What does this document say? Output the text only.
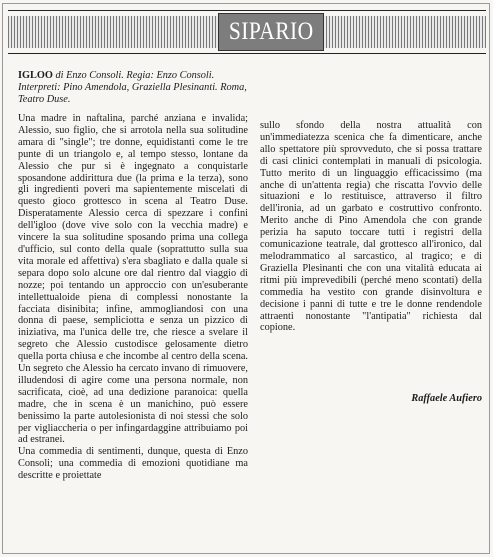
SIPARIO
IGLOO di Enzo Consoli. Regia: Enzo Consoli. Interpreti: Pino Amendola, Graziella Plesinanti. Roma, Teatro Duse.

Una madre in naftalina, parché anziana e invalida; Alessio, suo figlio, che si arrotola nella sua solitudine amara di "single"; tre donne, equidistanti come le tre punte di un triangolo e, al tempo stesso, lontane da Alessio che pur si è ingegnato a conquistarle sposandone addirittura due (la prima e la terza), sono gli ingredienti poveri ma sapientemente miscelati di questo gioco grottesco in scena al Teatro Duse. Disperatamente Alessio cerca di spezzare i confini dell'igloo (dove vive solo con la vecchia madre) e vincere la sua solitudine sposando prima una collega d'ufficio, sul conto della quale (soprattutto sulla sua vita morale ed affettiva) s'era sbagliato e dalla quale si separa dopo solo alcune ore dal rientro dal viaggio di nozze; poi tentando un approccio con un'esuberante intellettualoide piena di complessi nonostante la facciata disinibita; infine, ammogliandosi con una donna di paese, sempliciotta e senza un pizzico di iniziativa, ma l'unica delle tre, che riesce a svelare il segreto che Alessio custodisce gelosamente dietro quella porta chiusa e che incombe al centro della scena. Un segreto che Alessio ha cercato invano di rimuovere, illudendosi di agire come una persona normale, non sacrificata, cioè, ad una dedizione paranoica: quella madre, che in scena è un manichino, può essere benissimo la parte autolesionista di noi stessi che solo per vigliaccheria o per infingardaggine attribuiamo poi ad estranei.

Una commedia di sentimenti, dunque, questa di Enzo Consoli; una commedia di emozioni quotidiane ma descritte e proiettate

sullo sfondo della nostra attualità con un'immediatezza scenica che fa dimenticare, anche allo spettatore più sprovveduto, che si possa trattare di casi clinici contemplati in manuali di psicologia. Tutto merito di un linguaggio efficacissimo (ma anche di un'attenta regia) che riscatta l'ovvio delle situazioni e lo restituisce, attraverso il filtro dell'ironia, ad un garbato e costruttivo confronto. Merito anche di Pino Amendola che con grande perizia ha saputo toccare tutti i registri della comunicazione teatrale, dal grottesco all'ironico, dal melodrammatico al sarcastico, al tragico; e di Graziella Plesinanti che con una vitalità educata ai ritmi più imprevedibili (perché meno scontati) della commedia ha vestito con grande disinvoltura e decisione i panni di tutte e tre le donne rendendole attraenti nonostante "l'antipatia" richiesta dal copione.

Raffaele Aufiero
